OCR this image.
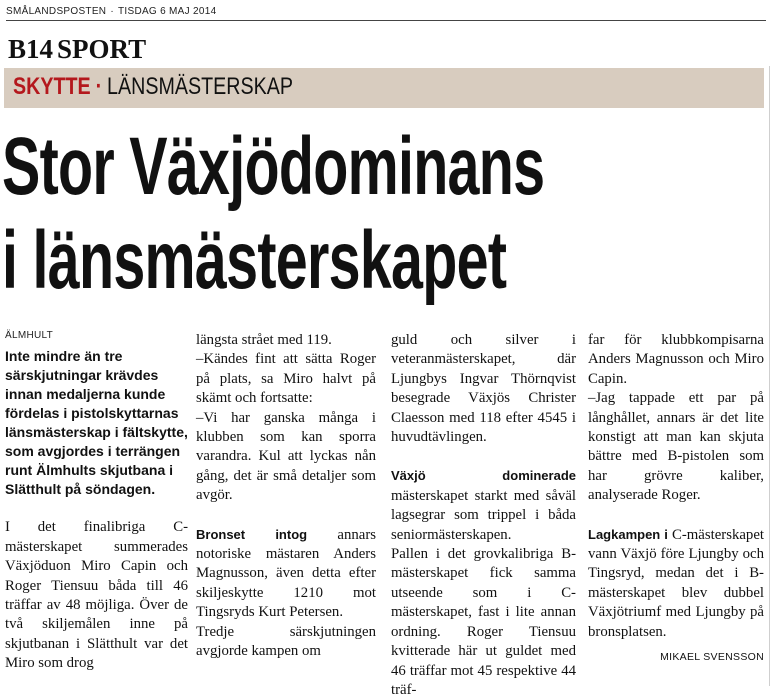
SMÅLANDSPOSTEN · TISDAG 6 MAJ 2014
B14 SPORT
SKYTTE · LÄNSMÄSTERSKAP
Stor Växjödominans
i länsmästerskapet
ÄLMHULT

Inte mindre än tre särskjutningar krävdes innan medaljerna kunde fördelas i pistolskyttarnas länsmästerskap i fältskytte, som avgjordes i terrängen runt Älmhults skjutbana i Slätthult på söndagen.

I det finalibriga C-mästerskapet summerades Växjöduon Miro Capin och Roger Tiensuu båda till 46 träffar av 48 möjliga. Över de två skiljemålen inne på skjutbanan i Slätthult var det Miro som drog

längsta strået med 119.

–Kändes fint att sätta Roger på plats, sa Miro halvt på skämt och fortsatte:

–Vi har ganska många i klubben som kan sporra varandra. Kul att lyckas nån gång, det är små detaljer som avgör.

Bronset intog annars notoriske mästaren Anders Magnusson, även detta efter skiljeskytte 1210 mot Tingsryds Kurt Petersen.

Tredje särskjutningen avgjorde kampen om

guld och silver i veteranmästerskapet, där Ljungbys Ingvar Thörnqvist besegrade Växjös Christer Claesson med 118 efter 4545 i huvudtävlingen.

Växjö dominerade mästerskapet starkt med såväl lagsegrar som trippel i båda seniormästerskapen.

Pallen i det grovkalibriga B-mästerskapet fick samma utseende som i C-mästerskapet, fast i lite annan ordning. Roger Tiensuu kvitterade här ut guldet med 46 träffar mot 45 respektive 44 träf-

far för klubbkompisarna Anders Magnusson och Miro Capin.

–Jag tappade ett par på långhållet, annars är det lite konstigt att man kan skjuta bättre med B-pistolen som har grövre kaliber, analyserade Roger.

Lagkampen i C-mästerskapet vann Växjö före Ljungby och Tingsryd, medan det i B-mästerskapet blev dubbel Växjötriumf med Ljungby på bronsplatsen.

MIKAEL SVENSSON
